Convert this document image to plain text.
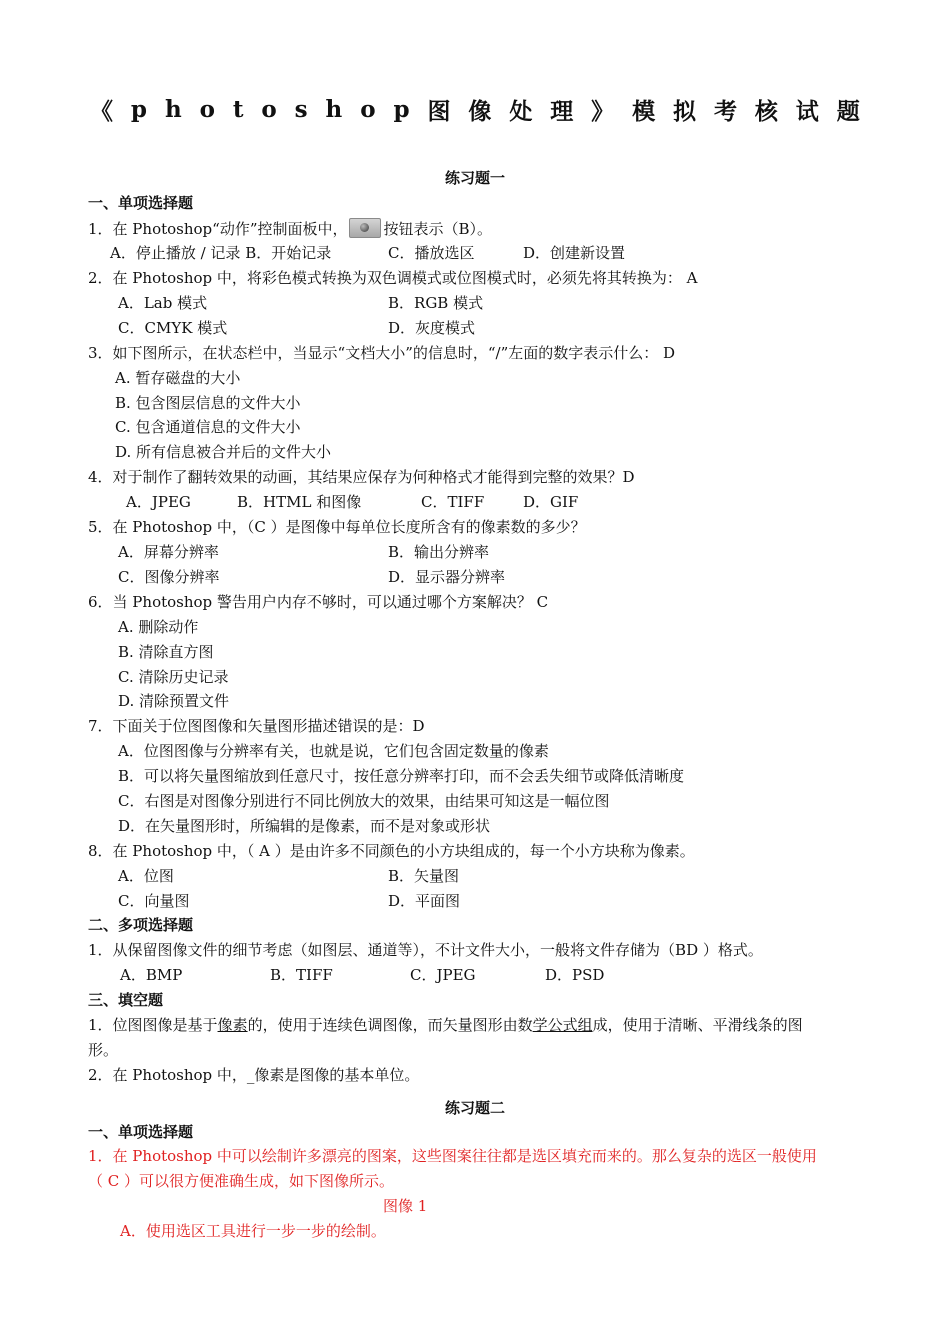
《 p h o t o s h o p 图 像 处 理 》 模 拟 考 核 试 题
练习题一
一、单项选择题
1．在 Photoshop“动作”控制面板中， 按钮表示（B）。
A．停止播放 / 记录 B．开始记录	C．播放选区	D．创建新设置
2．在 Photoshop 中，将彩色模式转换为双色调模式或位图模式时，必须先将其转换为： A
A．Lab 模式	B．RGB 模式
C．CMYK 模式	D．灰度模式
3．如下图所示，在状态栏中，当显示“文档大小”的信息时，“/”左面的数字表示什么： D
A. 暂存磁盘的大小
B. 包含图层信息的文件大小
C. 包含通道信息的文件大小
D. 所有信息被合并后的文件大小
4．对于制作了翻转效果的动画，其结果应保存为何种格式才能得到完整的效果？D
A．JPEG	B．HTML 和图像	C．TIFF	D．GIF
5．在 Photoshop 中，（C ）是图像中每单位长度所含有的像素数的多少？
A．屏幕分辨率	B．输出分辨率
C．图像分辨率	D．显示器分辨率
6．当 Photoshop 警告用户内存不够时，可以通过哪个方案解决？ C
A. 删除动作
B. 清除直方图
C. 清除历史记录
D. 清除预置文件
7．下面关于位图图像和矢量图形描述错误的是：D
A．位图图像与分辨率有关，也就是说，它们包含固定数量的像素
B．可以将矢量图缩放到任意尺寸，按任意分辨率打印，而不会丢失细节或降低清晰度
C．右图是对图像分别进行不同比例放大的效果，由结果可知这是一幅位图
D．在矢量图形时，所编辑的是像素，而不是对象或形状
8．在 Photoshop 中，（ A ）是由许多不同颜色的小方块组成的，每一个小方块称为像素。
A．位图	B．矢量图
C．向量图	D．平面图
二、多项选择题
1．从保留图像文件的细节考虑（如图层、通道等），不计文件大小，一般将文件存储为（BD ）格式。
A．BMP	B．TIFF	C．JPEG	D．PSD
三、填空题
1．位图图像是基于像素的，使用于连续色调图像，而矢量图形由数学公式组成，使用于清晰、平滑线条的图
形。
2．在 Photoshop 中，_像素是图像的基本单位。
练习题二
一、单项选择题
1．在 Photoshop 中可以绘制许多漂亮的图案，这些图案往往都是选区填充而来的。那么复杂的选区一般使用
（ C ）可以很方便准确生成，如下图像所示。
图像 1
A．使用选区工具进行一步一步的绘制。
